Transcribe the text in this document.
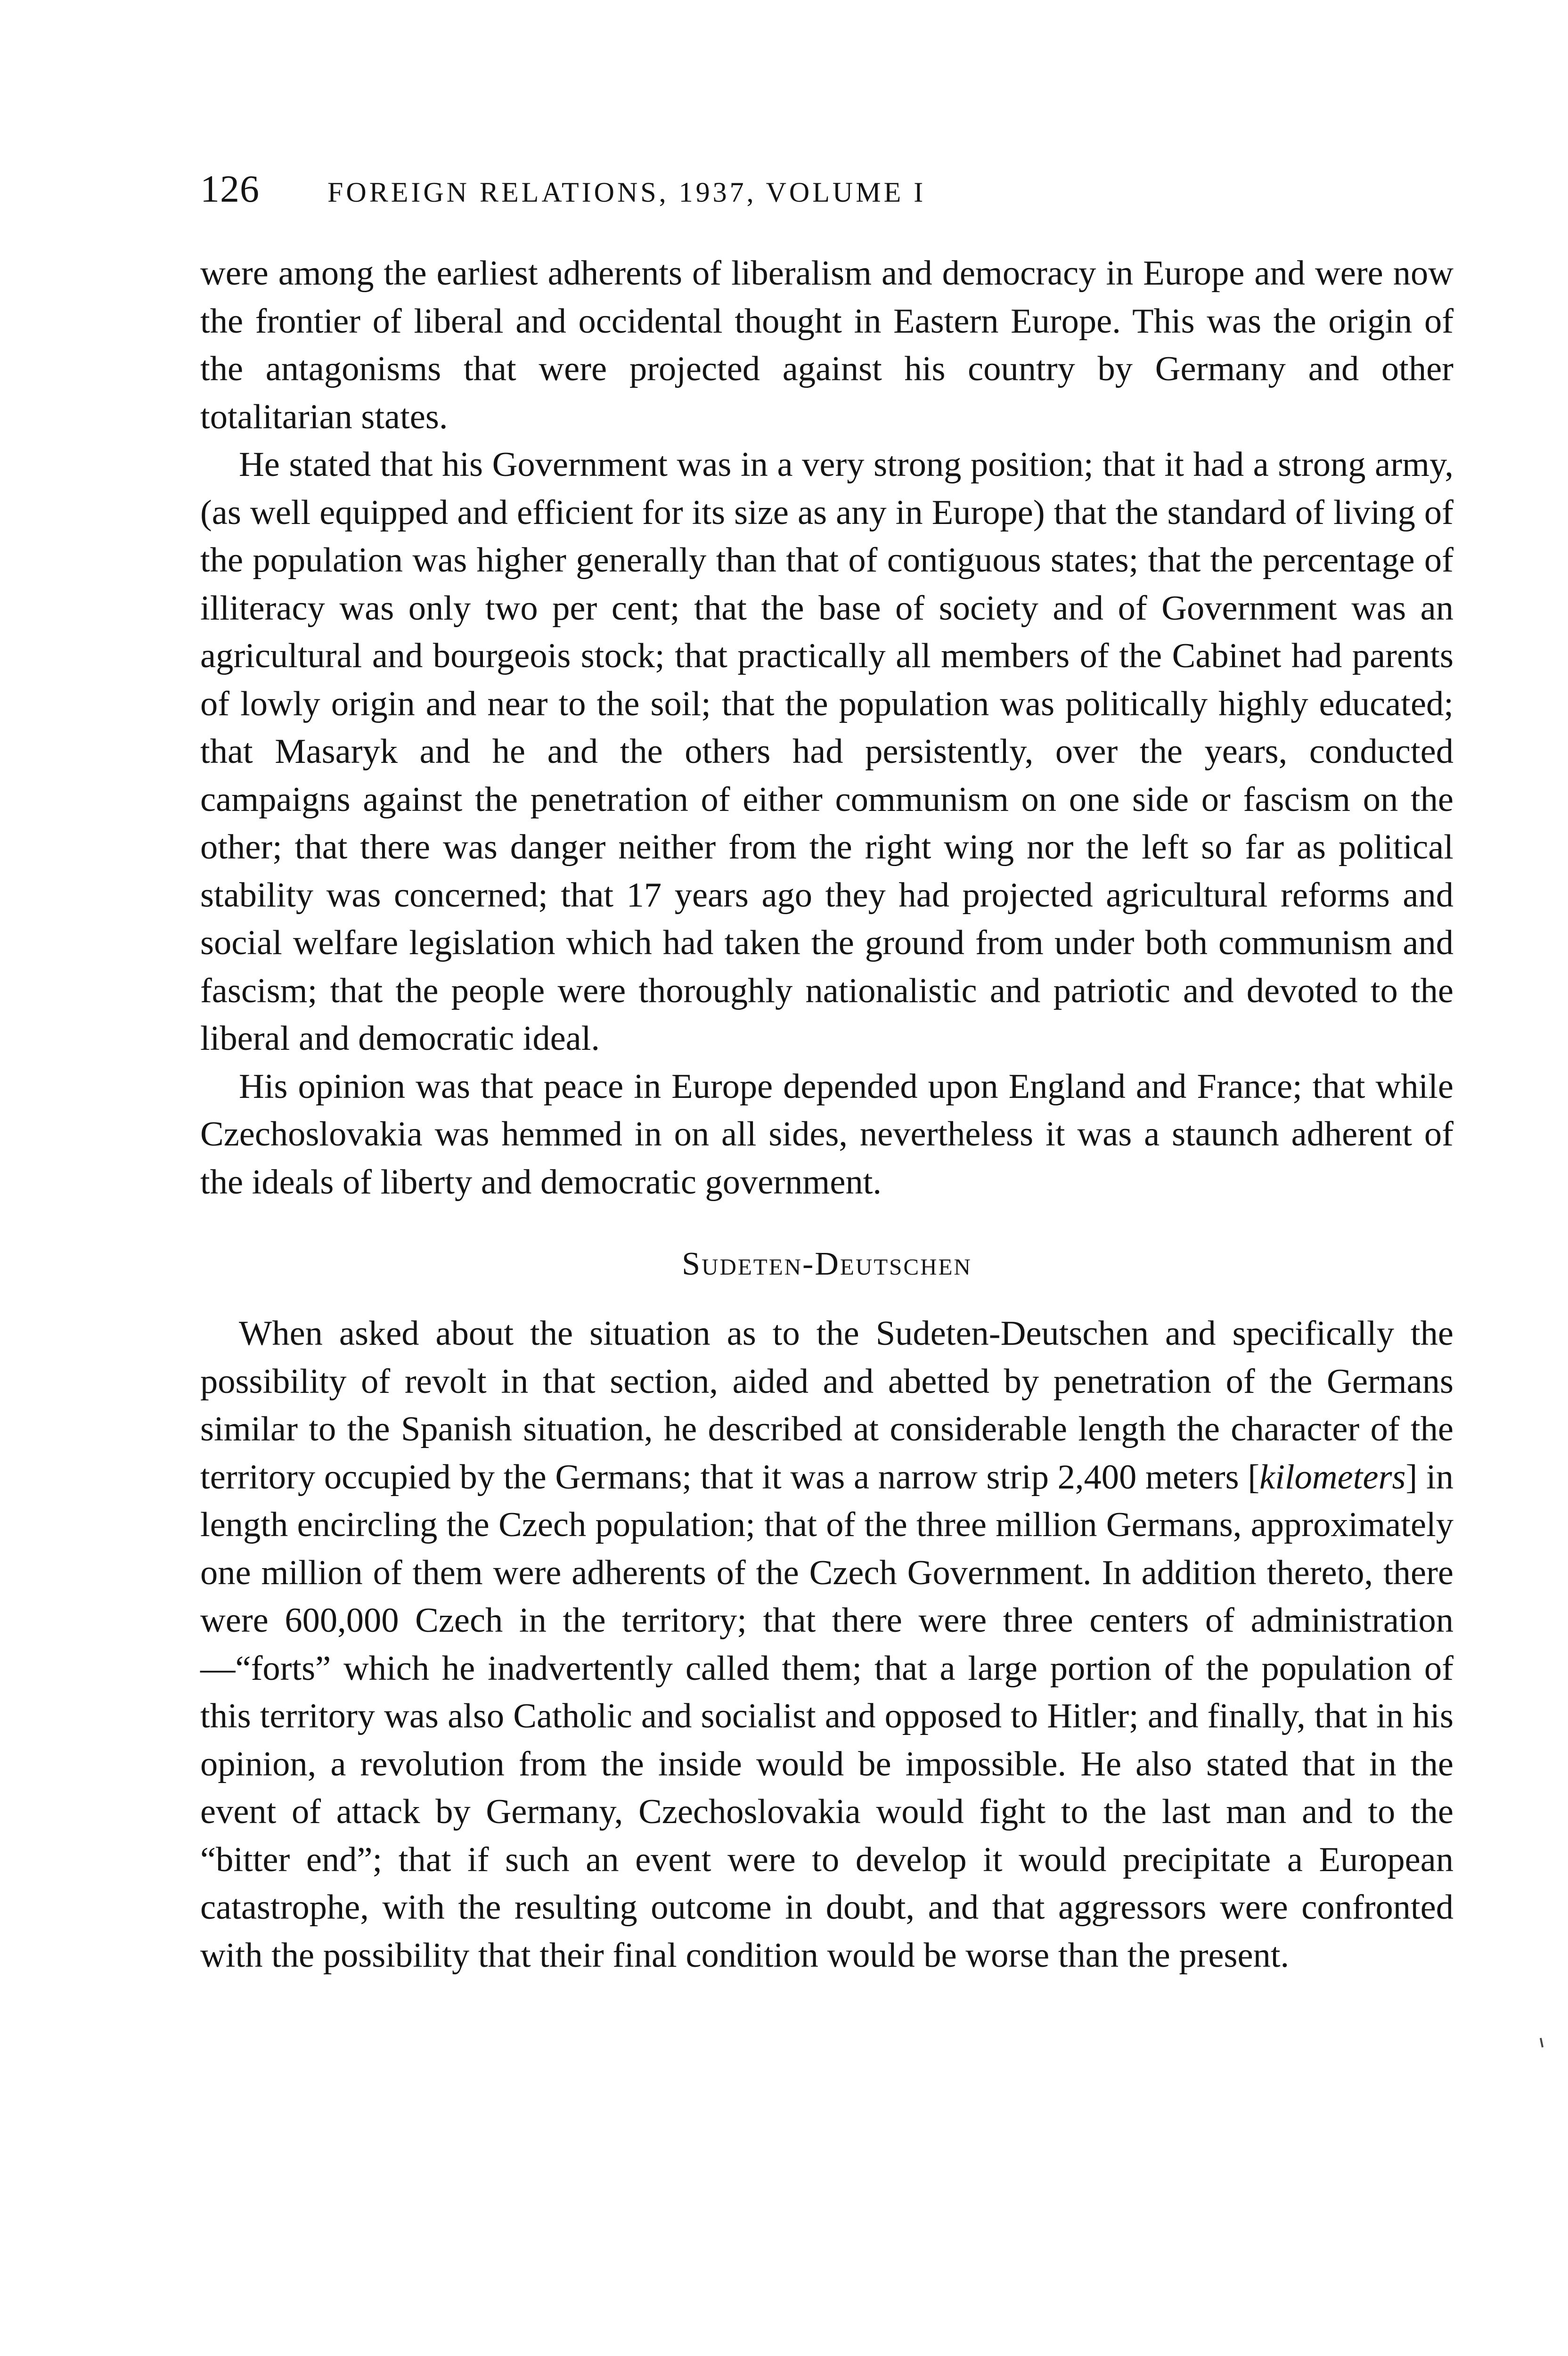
126	FOREIGN RELATIONS, 1937, VOLUME I

were among the earliest adherents of liberalism and democracy in Europe and were now the frontier of liberal and occidental thought in Eastern Europe. This was the origin of the antagonisms that were projected against his country by Germany and other totalitarian states.

He stated that his Government was in a very strong position; that it had a strong army, (as well equipped and efficient for its size as any in Europe) that the standard of living of the population was higher generally than that of contiguous states; that the percentage of illiteracy was only two per cent; that the base of society and of Government was an agricultural and bourgeois stock; that practically all members of the Cabinet had parents of lowly origin and near to the soil; that the population was politically highly educated; that Masaryk and he and the others had persistently, over the years, conducted campaigns against the penetration of either communism on one side or fascism on the other; that there was danger neither from the right wing nor the left so far as political stability was concerned; that 17 years ago they had projected agricultural reforms and social welfare legislation which had taken the ground from under both communism and fascism; that the people were thoroughly nationalistic and patriotic and devoted to the liberal and democratic ideal.

His opinion was that peace in Europe depended upon England and France; that while Czechoslovakia was hemmed in on all sides, nevertheless it was a staunch adherent of the ideals of liberty and democratic government.

Sudeten-Deutschen

When asked about the situation as to the Sudeten-Deutschen and specifically the possibility of revolt in that section, aided and abetted by penetration of the Germans similar to the Spanish situation, he described at considerable length the character of the territory occupied by the Germans; that it was a narrow strip 2,400 meters [kilometers] in length encircling the Czech population; that of the three million Germans, approximately one million of them were adherents of the Czech Government. In addition thereto, there were 600,000 Czech in the territory; that there were three centers of administration—“forts” which he inadvertently called them; that a large portion of the population of this territory was also Catholic and socialist and opposed to Hitler; and finally, that in his opinion, a revolution from the inside would be impossible. He also stated that in the event of attack by Germany, Czechoslovakia would fight to the last man and to the “bitter end”; that if such an event were to develop it would precipitate a European catastrophe, with the resulting outcome in doubt, and that aggressors were confronted with the possibility that their final condition would be worse than the present.
